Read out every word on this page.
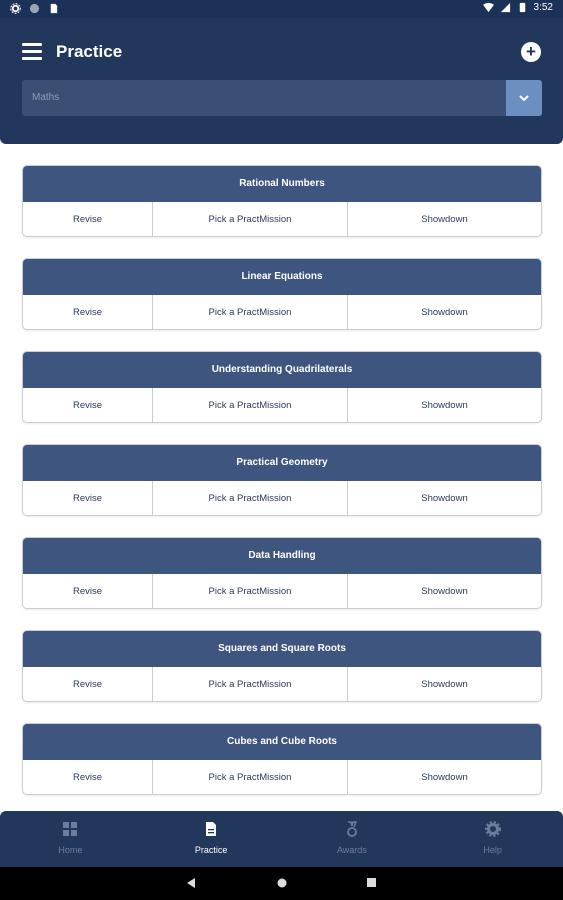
3:52
Practice	+
Maths
Rational Numbers
Revise	Pick a PractMission	Showdown
Linear Equations
Revise	Pick a PractMission	Showdown
Understanding Quadrilaterals
Revise	Pick a PractMission	Showdown
Practical Geometry
Revise	Pick a PractMission	Showdown
Data Handling
Revise	Pick a PractMission	Showdown
Squares and Square Roots
Revise	Pick a PractMission	Showdown
Cubes and Cube Roots
Revise	Pick a PractMission	Showdown
Home	Practice	Awards	Help
